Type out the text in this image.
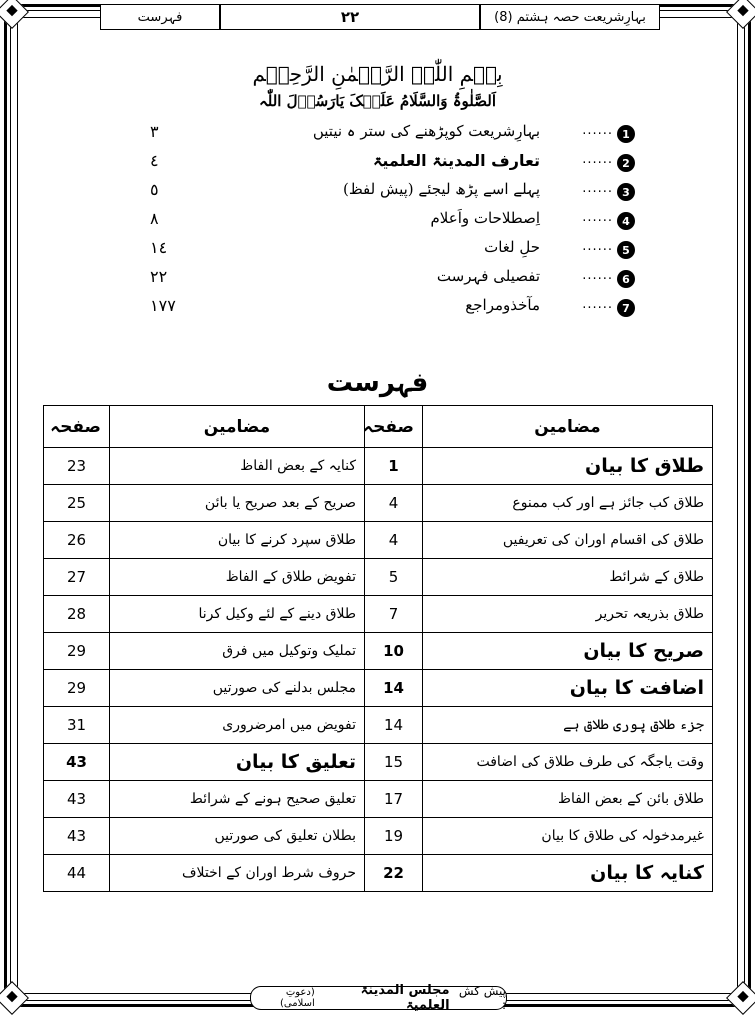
فہرست	۲۲	بہارِشریعت حصہ ہشتم (8)
بِسۡمِ اللّٰہِ الرَّحۡمٰنِ الرَّحِیۡم
اَلصَّلٰوۃُ وَالسَّلَامُ عَلَیۡکَ یَارَسُوۡلَ اللّٰہ
1
......
بہارِشریعت کوپڑھنے کی ستر ہ نیتیں
۳
2
......
تعارف المدینۃ العلمیۃ
٤
3
......
پہلے اسے پڑھ لیجئے (پیش لفظ)
٥
4
......
اِصطلاحات واَعلام
٨
5
......
حلِ لغات
١٤
6
......
تفصیلی فہرست
٢٢
7
......
مآخذومراجع
١٧٧
فہرست
مضامین	صفحہ	مضامین	صفحہ
طلاق کا بیان	1	کنایہ کے بعض الفاظ	23
طلاق کب جائز ہے اور کب ممنوع	4	صریح کے بعد صریح یا بائن	25
طلاق کی اقسام اوران کی تعریفیں	4	طلاق سپرد کرنے کا بیان	26
طلاق کے شرائط	5	تفویض طلاق کے الفاظ	27
طلاق بذریعہ تحریر	7	طلاق دینے کے لئے وکیل کرنا	28
صریح کا بیان	10	تملیک وتوکیل میں فرق	29
اضافت کا بیان	14	مجلس بدلنے کی صورتیں	29
جزء طلاق پوری طلاق ہے	14	تفویض میں امرضروری	31
وقت یاجگہ کی طرف طلاق کی اضافت	15	تعلیق کا بیان	43
طلاق بائن کے بعض الفاظ	17	تعلیق صحیح ہونے کے شرائط	43
غیرمدخولہ کی طلاق کا بیان	19	بطلان تعلیق کی صورتیں	43
کنایہ کا بیان	22	حروف شرط اوران کے اختلاف	44
پیش کش :
مجلس المدینۃ العلمیۃ
(دعوتِ اسلامی)
